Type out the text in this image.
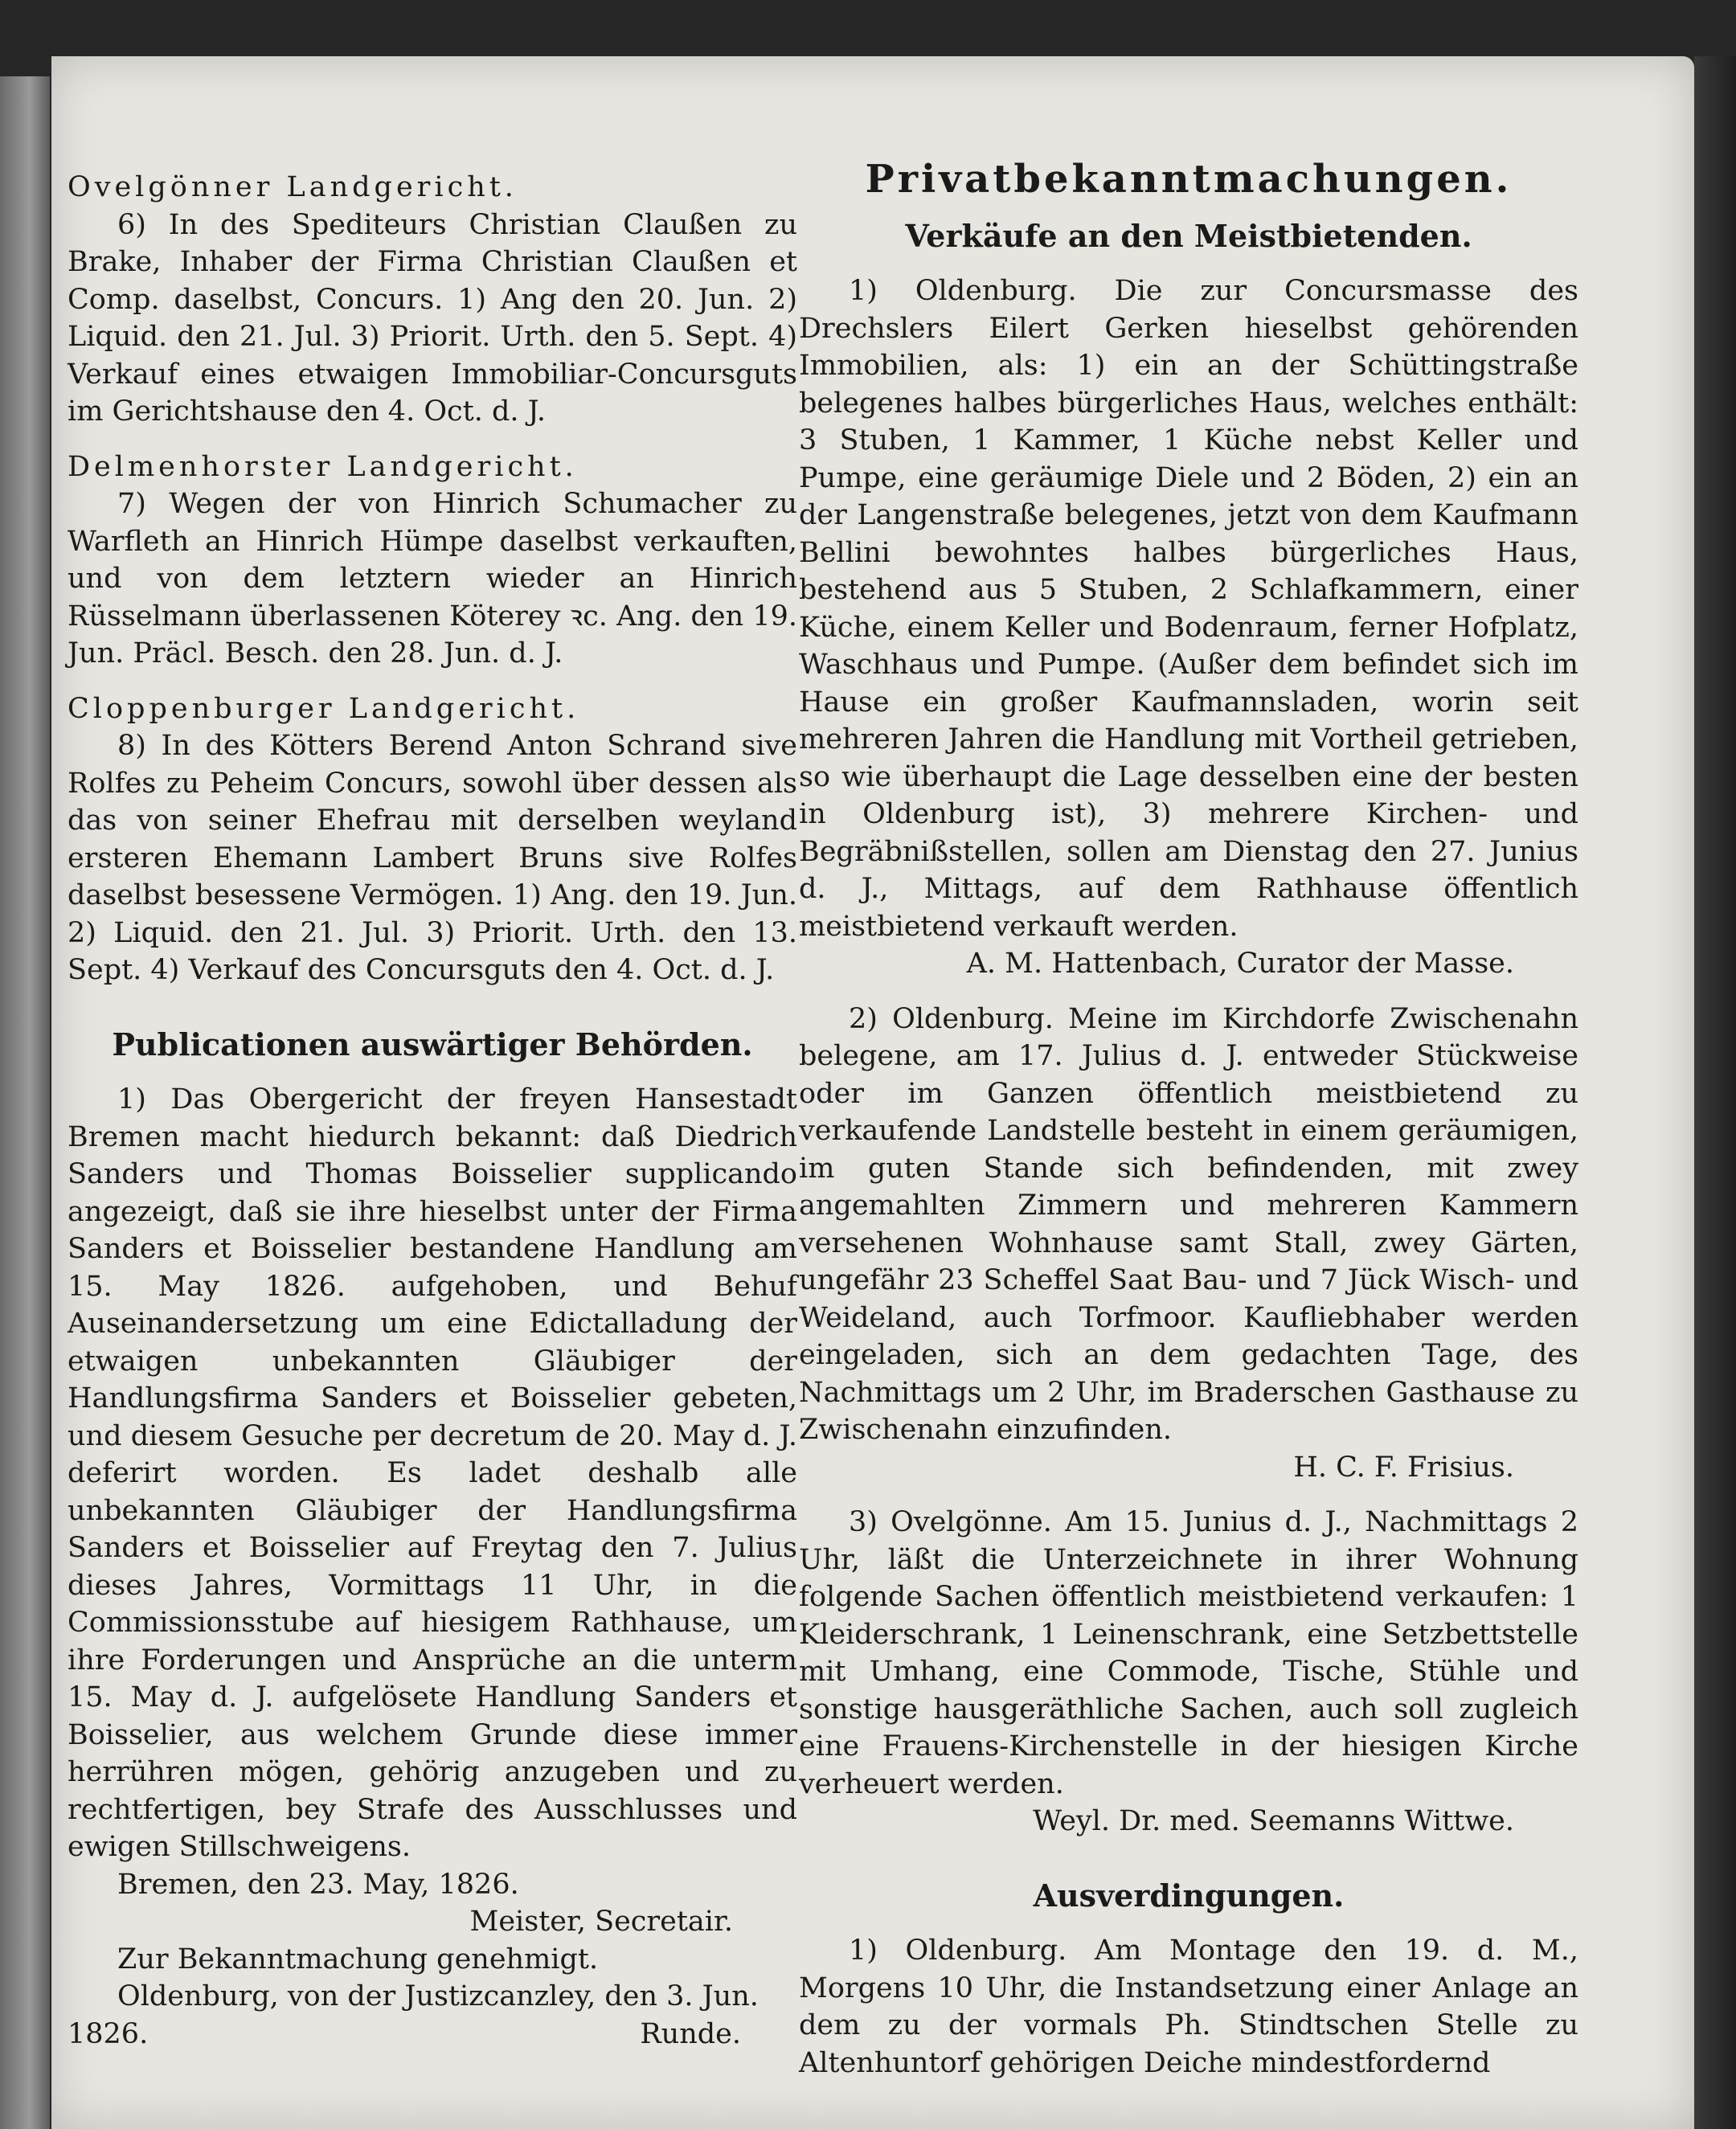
Ovelgönner Landgericht.

6) In des Spediteurs Christian Claußen zu Brake, Inhaber der Firma Christian Claußen et Comp. daselbst, Concurs. 1) Ang den 20. Jun. 2) Liquid. den 21. Jul. 3) Priorit. Urth. den 5. Sept. 4) Verkauf eines etwaigen Immobiliar-Concursguts im Gerichtshause den 4. Oct. d. J.

Delmenhorster Landgericht.

7) Wegen der von Hinrich Schumacher zu Warfleth an Hinrich Hümpe daselbst verkauften, und von dem letztern wieder an Hinrich Rüsselmann überlassenen Köterey ꝛc. Ang. den 19. Jun. Präcl. Besch. den 28. Jun. d. J.

Cloppenburger Landgericht.

8) In des Kötters Berend Anton Schrand sive Rolfes zu Peheim Concurs, sowohl über dessen als das von seiner Ehefrau mit derselben weyland ersteren Ehemann Lambert Bruns sive Rolfes daselbst besessene Vermögen. 1) Ang. den 19. Jun. 2) Liquid. den 21. Jul. 3) Priorit. Urth. den 13. Sept. 4) Verkauf des Concursguts den 4. Oct. d. J.

Publicationen auswärtiger Behörden.

1) Das Obergericht der freyen Hansestadt Bremen macht hiedurch bekannt: daß Diedrich Sanders und Thomas Boisselier supplicando angezeigt, daß sie ihre hieselbst unter der Firma Sanders et Boisselier bestandene Handlung am 15. May 1826. aufgehoben, und Behuf Auseinandersetzung um eine Edictalladung der etwaigen unbekannten Gläubiger der Handlungsfirma Sanders et Boisselier gebeten, und diesem Gesuche per decretum de 20. May d. J. deferirt worden. Es ladet deshalb alle unbekannten Gläubiger der Handlungsfirma Sanders et Boisselier auf Freytag den 7. Julius dieses Jahres, Vormittags 11 Uhr, in die Commissionsstube auf hiesigem Rathhause, um ihre Forderungen und Ansprüche an die unterm 15. May d. J. aufgelösete Handlung Sanders et Boisselier, aus welchem Grunde diese immer herrühren mögen, gehörig anzugeben und zu rechtfertigen, bey Strafe des Ausschlusses und ewigen Stillschweigens.

Bremen, den 23. May, 1826.

Meister, Secretair.

Zur Bekanntmachung genehmigt.

Oldenburg, von der Justizcanzley, den 3. Jun.

1826.	Runde.

Privatbekanntmachungen.

Verkäufe an den Meistbietenden.

1) Oldenburg. Die zur Concursmasse des Drechslers Eilert Gerken hieselbst gehörenden Immobilien, als: 1) ein an der Schüttingstraße belegenes halbes bürgerliches Haus, welches enthält: 3 Stuben, 1 Kammer, 1 Küche nebst Keller und Pumpe, eine geräumige Diele und 2 Böden, 2) ein an der Langenstraße belegenes, jetzt von dem Kaufmann Bellini bewohntes halbes bürgerliches Haus, bestehend aus 5 Stuben, 2 Schlafkammern, einer Küche, einem Keller und Bodenraum, ferner Hofplatz, Waschhaus und Pumpe. (Außer dem befindet sich im Hause ein großer Kaufmannsladen, worin seit mehreren Jahren die Handlung mit Vortheil getrieben, so wie überhaupt die Lage desselben eine der besten in Oldenburg ist), 3) mehrere Kirchen- und Begräbnißstellen, sollen am Dienstag den 27. Junius d. J., Mittags, auf dem Rathhause öffentlich meistbietend verkauft werden.

A. M. Hattenbach, Curator der Masse.

2) Oldenburg. Meine im Kirchdorfe Zwischenahn belegene, am 17. Julius d. J. entweder Stückweise oder im Ganzen öffentlich meistbietend zu verkaufende Landstelle besteht in einem geräumigen, im guten Stande sich befindenden, mit zwey angemahlten Zimmern und mehreren Kammern versehenen Wohnhause samt Stall, zwey Gärten, ungefähr 23 Scheffel Saat Bau- und 7 Jück Wisch- und Weideland, auch Torfmoor. Kaufliebhaber werden eingeladen, sich an dem gedachten Tage, des Nachmittags um 2 Uhr, im Braderschen Gasthause zu Zwischenahn einzufinden.

H. C. F. Frisius.

3) Ovelgönne. Am 15. Junius d. J., Nachmittags 2 Uhr, läßt die Unterzeichnete in ihrer Wohnung folgende Sachen öffentlich meistbietend verkaufen: 1 Kleiderschrank, 1 Leinenschrank, eine Setzbettstelle mit Umhang, eine Commode, Tische, Stühle und sonstige hausgeräthliche Sachen, auch soll zugleich eine Frauens-Kirchenstelle in der hiesigen Kirche verheuert werden.

Weyl. Dr. med. Seemanns Wittwe.

Ausverdingungen.

1) Oldenburg. Am Montage den 19. d. M., Morgens 10 Uhr, die Instandsetzung einer Anlage an dem zu der vormals Ph. Stindtschen Stelle zu Altenhuntorf gehörigen Deiche mindestfordernd
